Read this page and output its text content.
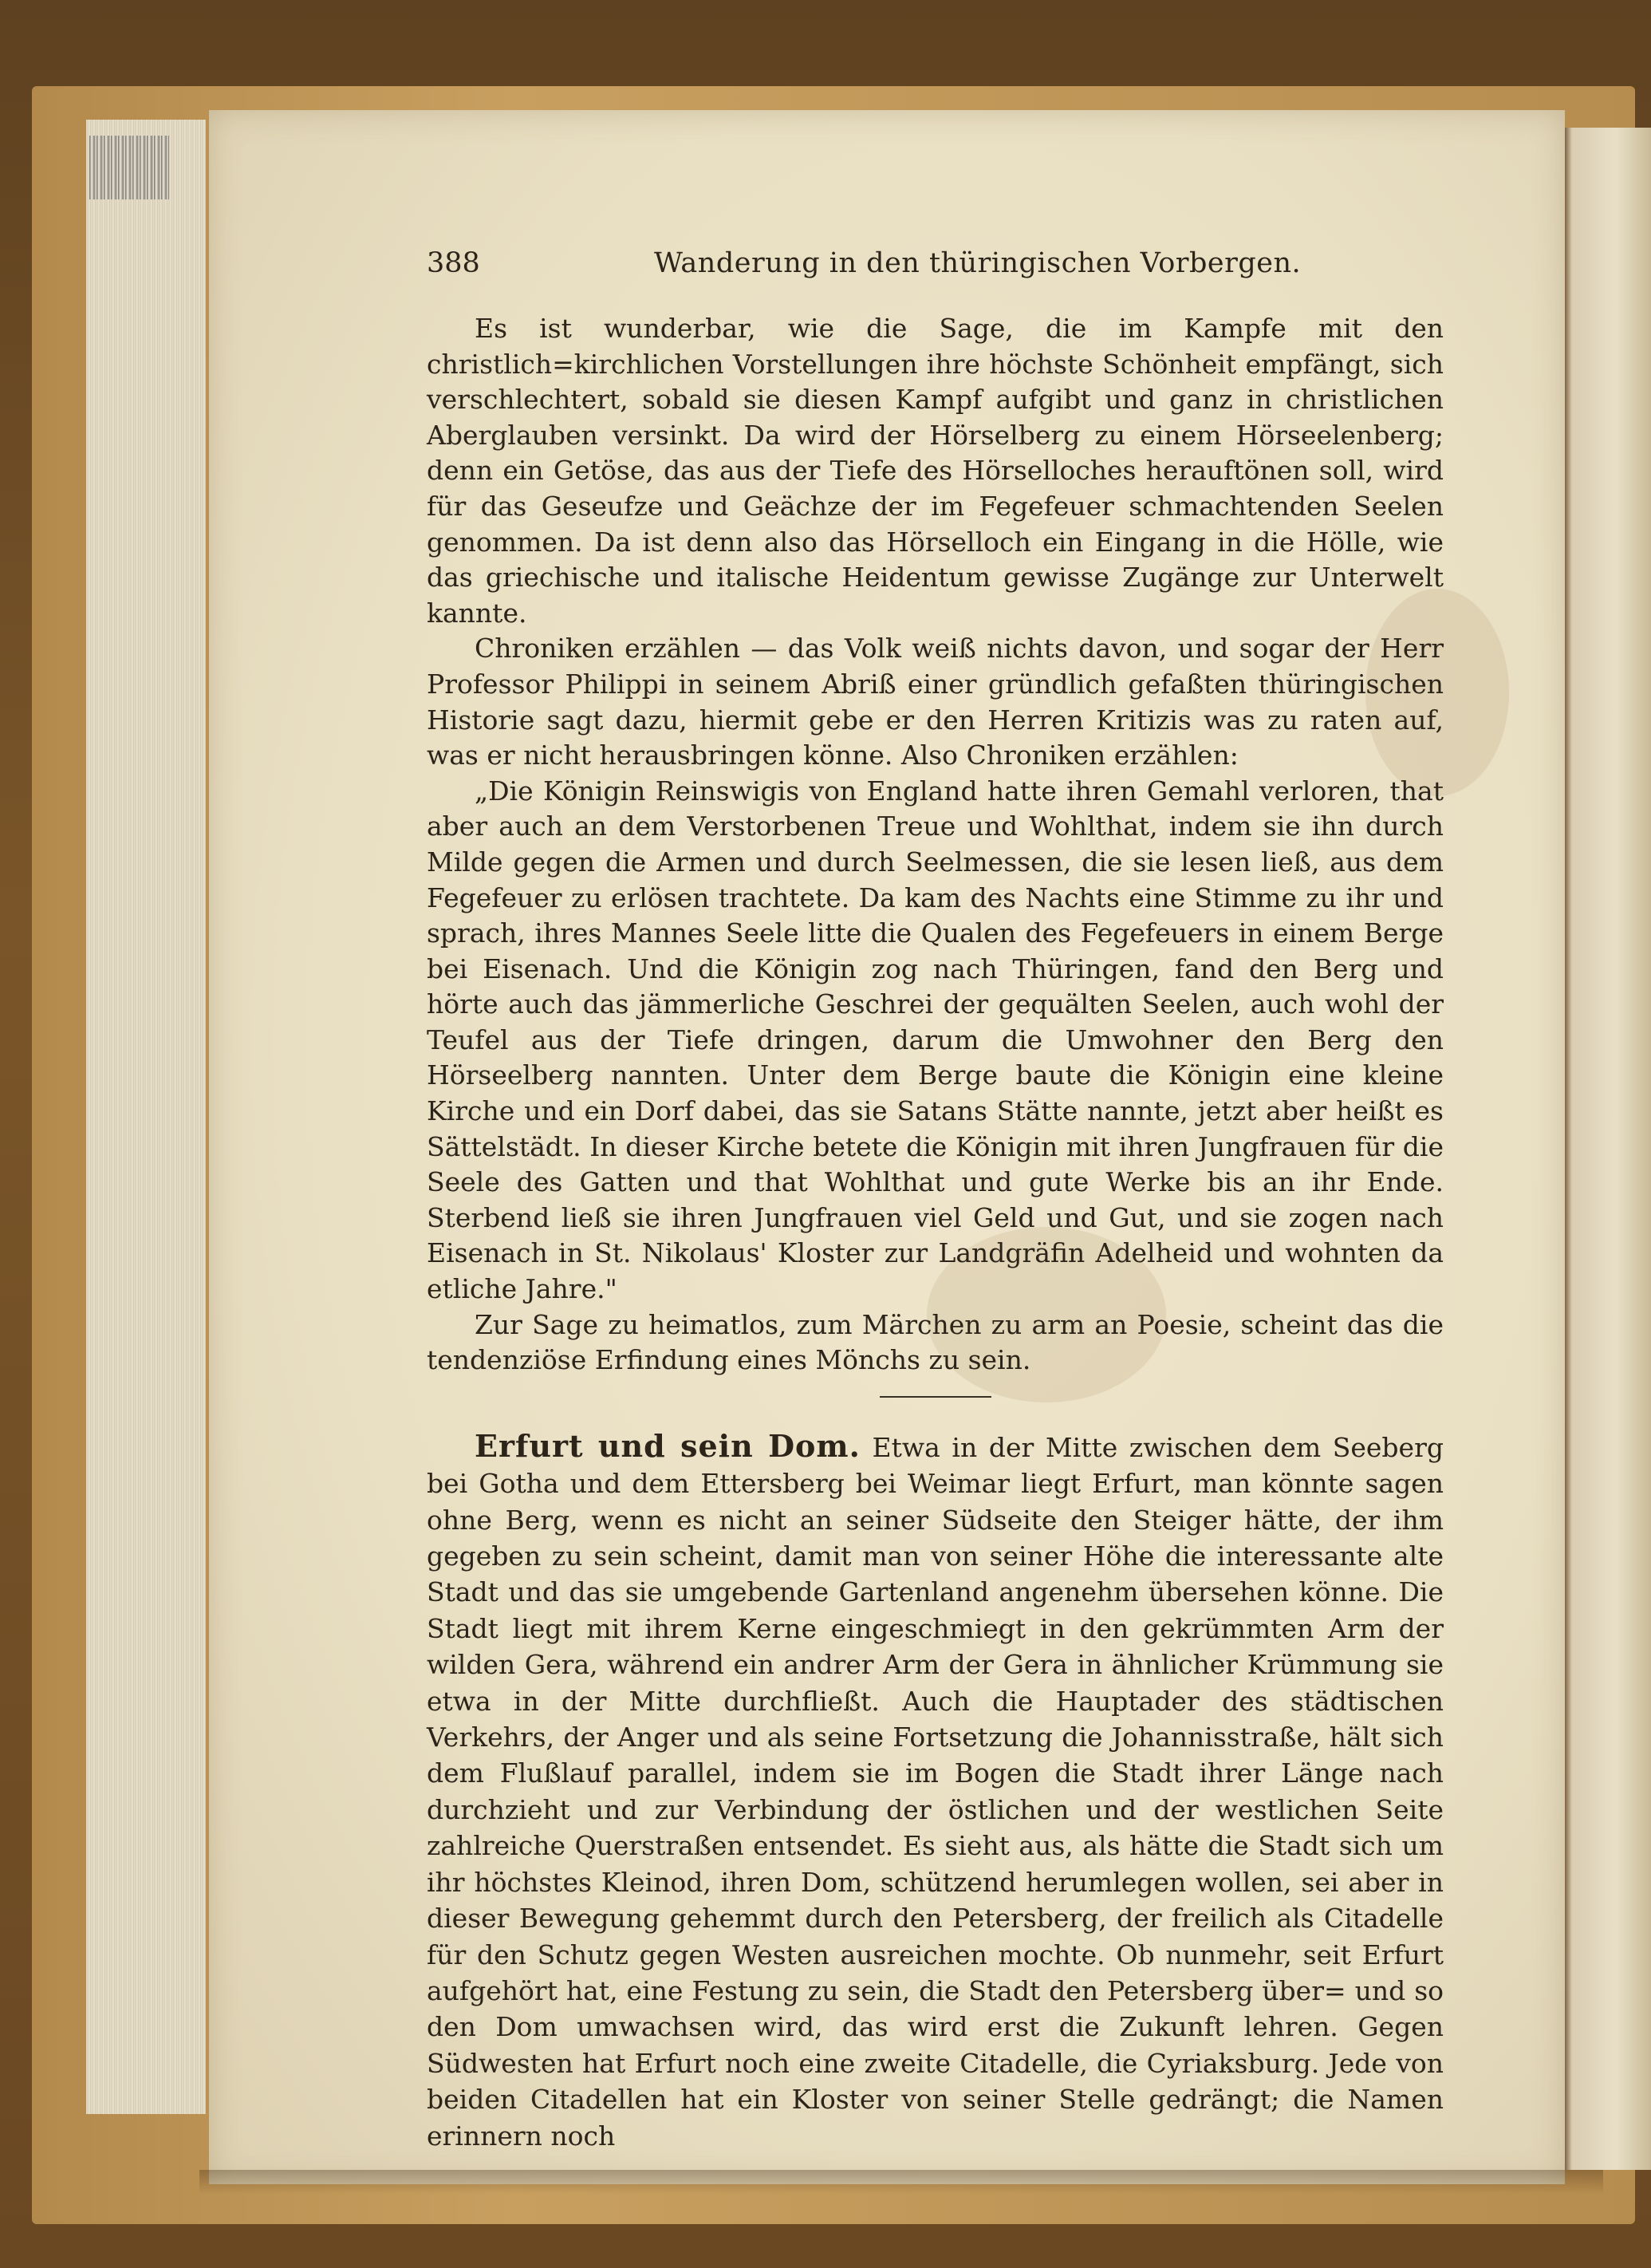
388	Wanderung in den thüringischen Vorbergen.

Es ist wunderbar, wie die Sage, die im Kampfe mit den christlich=kirchlichen Vorstellungen ihre höchste Schönheit empfängt, sich verschlechtert, sobald sie diesen Kampf aufgibt und ganz in christlichen Aberglauben versinkt. Da wird der Hörselberg zu einem Hörseelenberg; denn ein Getöse, das aus der Tiefe des Hörselloches herauftönen soll, wird für das Geseufze und Geächze der im Fegefeuer schmachtenden Seelen genommen. Da ist denn also das Hörselloch ein Eingang in die Hölle, wie das griechische und italische Heidentum gewisse Zugänge zur Unterwelt kannte.

Chroniken erzählen — das Volk weiß nichts davon, und sogar der Herr Professor Philippi in seinem Abriß einer gründlich gefaßten thüringischen Historie sagt dazu, hiermit gebe er den Herren Kritizis was zu raten auf, was er nicht herausbringen könne. Also Chroniken erzählen:

„Die Königin Reinswigis von England hatte ihren Gemahl verloren, that aber auch an dem Verstorbenen Treue und Wohlthat, indem sie ihn durch Milde gegen die Armen und durch Seelmessen, die sie lesen ließ, aus dem Fegefeuer zu erlösen trachtete. Da kam des Nachts eine Stimme zu ihr und sprach, ihres Mannes Seele litte die Qualen des Fegefeuers in einem Berge bei Eisenach. Und die Königin zog nach Thüringen, fand den Berg und hörte auch das jämmerliche Geschrei der gequälten Seelen, auch wohl der Teufel aus der Tiefe dringen, darum die Umwohner den Berg den Hörseelberg nannten. Unter dem Berge baute die Königin eine kleine Kirche und ein Dorf dabei, das sie Satans Stätte nannte, jetzt aber heißt es Sättelstädt. In dieser Kirche betete die Königin mit ihren Jungfrauen für die Seele des Gatten und that Wohlthat und gute Werke bis an ihr Ende. Sterbend ließ sie ihren Jungfrauen viel Geld und Gut, und sie zogen nach Eisenach in St. Nikolaus' Kloster zur Landgräfin Adelheid und wohnten da etliche Jahre."

Zur Sage zu heimatlos, zum Märchen zu arm an Poesie, scheint das die tendenziöse Erfindung eines Mönchs zu sein.

Erfurt und sein Dom. Etwa in der Mitte zwischen dem Seeberg bei Gotha und dem Ettersberg bei Weimar liegt Erfurt, man könnte sagen ohne Berg, wenn es nicht an seiner Südseite den Steiger hätte, der ihm gegeben zu sein scheint, damit man von seiner Höhe die interessante alte Stadt und das sie umgebende Gartenland angenehm übersehen könne. Die Stadt liegt mit ihrem Kerne eingeschmiegt in den gekrümmten Arm der wilden Gera, während ein andrer Arm der Gera in ähnlicher Krümmung sie etwa in der Mitte durchfließt. Auch die Hauptader des städtischen Verkehrs, der Anger und als seine Fortsetzung die Johannisstraße, hält sich dem Flußlauf parallel, indem sie im Bogen die Stadt ihrer Länge nach durchzieht und zur Verbindung der östlichen und der westlichen Seite zahlreiche Querstraßen entsendet. Es sieht aus, als hätte die Stadt sich um ihr höchstes Kleinod, ihren Dom, schützend herumlegen wollen, sei aber in dieser Bewegung gehemmt durch den Petersberg, der freilich als Citadelle für den Schutz gegen Westen ausreichen mochte. Ob nunmehr, seit Erfurt aufgehört hat, eine Festung zu sein, die Stadt den Petersberg über= und so den Dom umwachsen wird, das wird erst die Zukunft lehren. Gegen Südwesten hat Erfurt noch eine zweite Citadelle, die Cyriaksburg. Jede von beiden Citadellen hat ein Kloster von seiner Stelle gedrängt; die Namen erinnern noch
